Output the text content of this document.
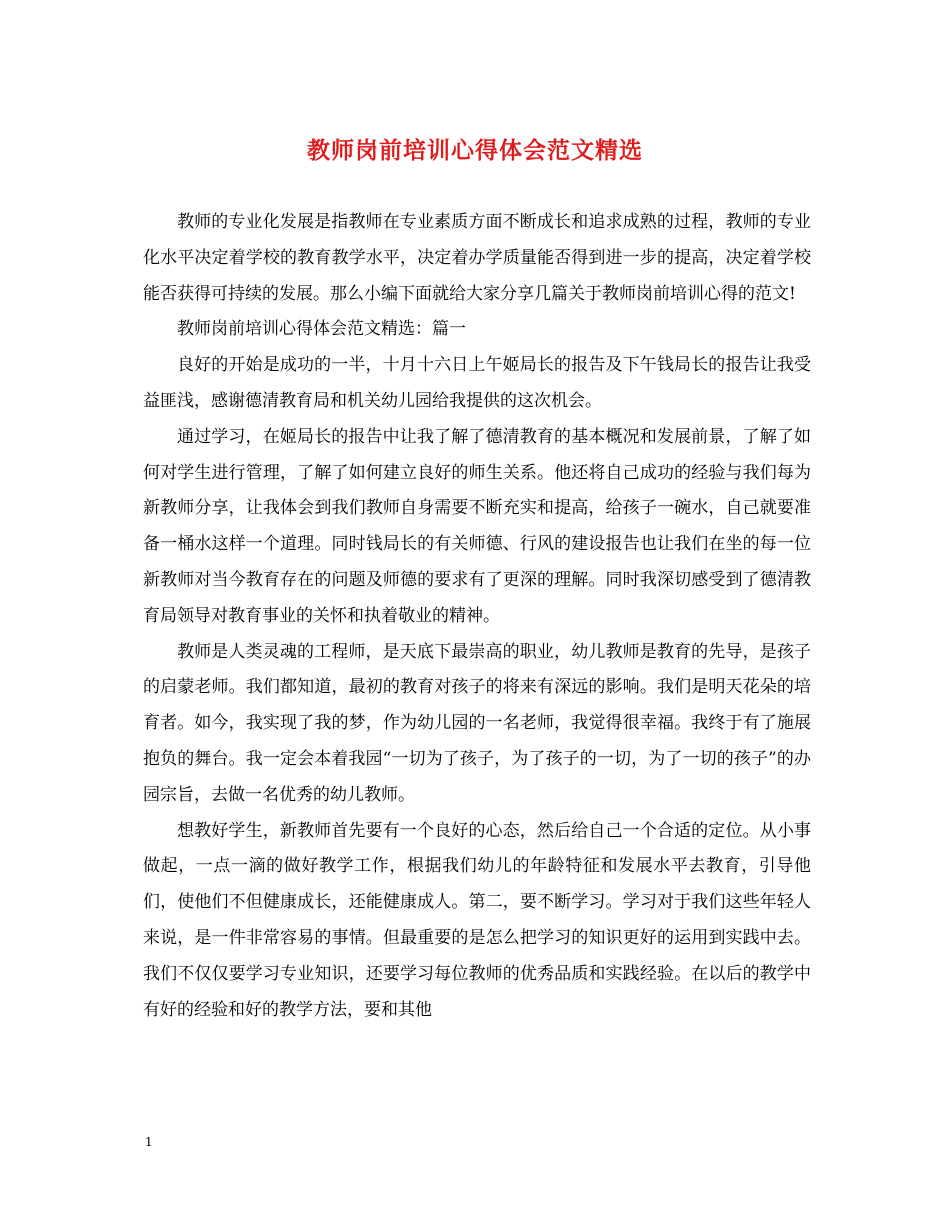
教师岗前培训心得体会范文精选

教师的专业化发展是指教师在专业素质方面不断成长和追求成熟的过程，教师的专业化水平决定着学校的教育教学水平，决定着办学质量能否得到进一步的提高，决定着学校能否获得可持续的发展。那么小编下面就给大家分享几篇关于教师岗前培训心得的范文!

教师岗前培训心得体会范文精选：篇一

良好的开始是成功的一半，十月十六日上午姬局长的报告及下午钱局长的报告让我受益匪浅，感谢德清教育局和机关幼儿园给我提供的这次机会。

通过学习，在姬局长的报告中让我了解了德清教育的基本概况和发展前景，了解了如何对学生进行管理，了解了如何建立良好的师生关系。他还将自己成功的经验与我们每为新教师分享，让我体会到我们教师自身需要不断充实和提高，给孩子一碗水，自己就要准备一桶水这样一个道理。同时钱局长的有关师德、行风的建设报告也让我们在坐的每一位新教师对当今教育存在的问题及师德的要求有了更深的理解。同时我深切感受到了德清教育局领导对教育事业的关怀和执着敬业的精神。

教师是人类灵魂的工程师，是天底下最崇高的职业，幼儿教师是教育的先导，是孩子的启蒙老师。我们都知道，最初的教育对孩子的将来有深远的影响。我们是明天花朵的培育者。如今，我实现了我的梦，作为幼儿园的一名老师，我觉得很幸福。我终于有了施展抱负的舞台。我一定会本着我园“一切为了孩子，为了孩子的一切，为了一切的孩子”的办园宗旨，去做一名优秀的幼儿教师。

想教好学生，新教师首先要有一个良好的心态，然后给自己一个合适的定位。从小事做起，一点一滴的做好教学工作，根据我们幼儿的年龄特征和发展水平去教育，引导他们，使他们不但健康成长，还能健康成人。第二，要不断学习。学习对于我们这些年轻人来说，是一件非常容易的事情。但最重要的是怎么把学习的知识更好的运用到实践中去。我们不仅仅要学习专业知识，还要学习每位教师的优秀品质和实践经验。在以后的教学中有好的经验和好的教学方法，要和其他

1
